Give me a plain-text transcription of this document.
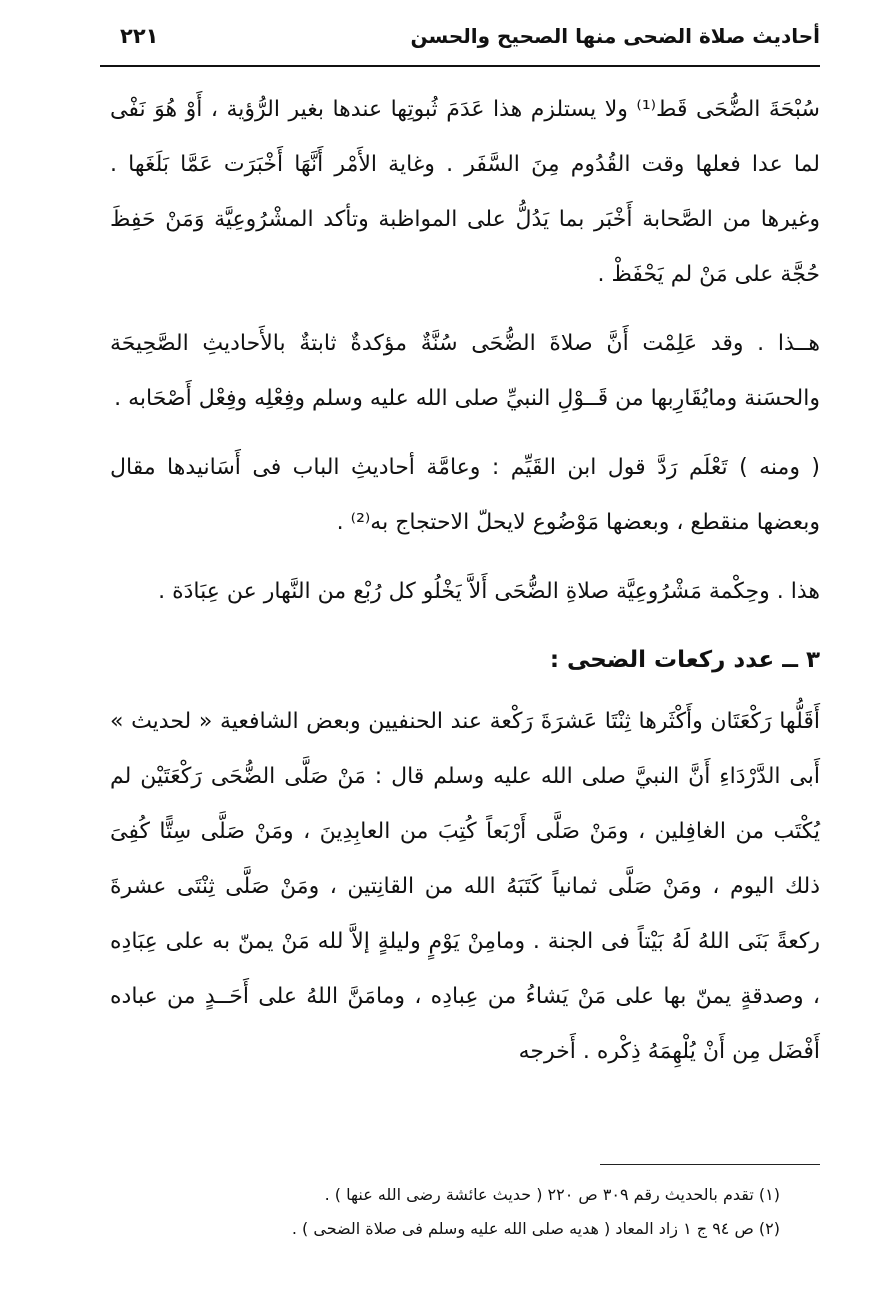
أحاديث صلاة الضحى منها الصحيح والحسن
٢٢١

سُبْحَةَ الضُّحَى قَط⁽¹⁾ ولا يستلزم هذا عَدَمَ ثُبوتِها عندها بغير الرُّؤية ، أَوْ هُوَ نَفْى لما عدا فعلها وقت القُدُوم مِنَ السَّفَر . وغاية الأَمْر أَنَّهَا أَخْبَرَت عَمَّا بَلَغَها . وغيرها من الصَّحابة أَخْبَر بما يَدُلُّ على المواظبة وتأكد المشْرُوعِيَّة وَمَنْ حَفِظَ حُجَّة على مَنْ لم يَحْفَظْ .

هــذا . وقد عَلِمْت أَنَّ صلاةَ الضُّحَى سُنَّةٌ مؤكدةٌ ثابتةٌ بالأَحاديثِ الصَّحِيحَة والحسَنة ومايُقَارِبها من قَــوْلِ النبيِّ صلى الله عليه وسلم وفِعْلِه وفِعْل أَصْحَابه .

( ومنه ) تَعْلَم رَدَّ قول ابن القَيِّم : وعامَّة أحاديثِ الباب فى أَسَانيدها مقال وبعضها منقطع ، وبعضها مَوْضُوع لايحلّ الاحتجاج به⁽²⁾ .

هذا . وحِكْمة مَشْرُوعِيَّة صلاةِ الضُّحَى أَلاَّ يَخْلُو كل رُبْع من النَّهار عن عِبَادَة .

٣ ــ عدد ركعات الضحى :

أَقَلُّها رَكْعَتَان وأَكْثَرها ثِنْتَا عَشرَةَ رَكْعة عند الحنفيين وبعض الشافعية « لحديث » أَبى الدَّرْدَاءِ أَنَّ النبيَّ صلى الله عليه وسلم قال : مَنْ صَلَّى الضُّحَى رَكْعَتَيْن لم يُكْتَب من الغافِلين ، ومَنْ صَلَّى أَرْبَعاً كُتِبَ من العابِدِينَ ، ومَنْ صَلَّى سِتًّا كُفِىَ ذلك اليوم ، ومَنْ صَلَّى ثمانياً كَتَبَهُ الله من القانِتين ، ومَنْ صَلَّى ثِنْتَى عشرةَ ركعةً بَنَى اللهُ لَهُ بَيْتاً فى الجنة . ومامِنْ يَوْمٍ وليلةٍ إلاَّ لله مَنْ يمنّ به على عِبَادِه ، وصدقةٍ يمنّ بها على مَنْ يَشاءُ من عِبادِه ، ومامَنَّ اللهُ على أَحَــدٍ من عباده أَفْضَل مِن أَنْ يُلْهِمَهُ ذِكْره . أَخرجه

(١) تقدم بالحديث رقم ٣٠٩ ص ٢٢٠ ( حديث عائشة رضى الله عنها ) .

(٢) ص ٩٤ ج ١ زاد المعاد ( هديه صلى الله عليه وسلم فى صلاة الضحى ) .
